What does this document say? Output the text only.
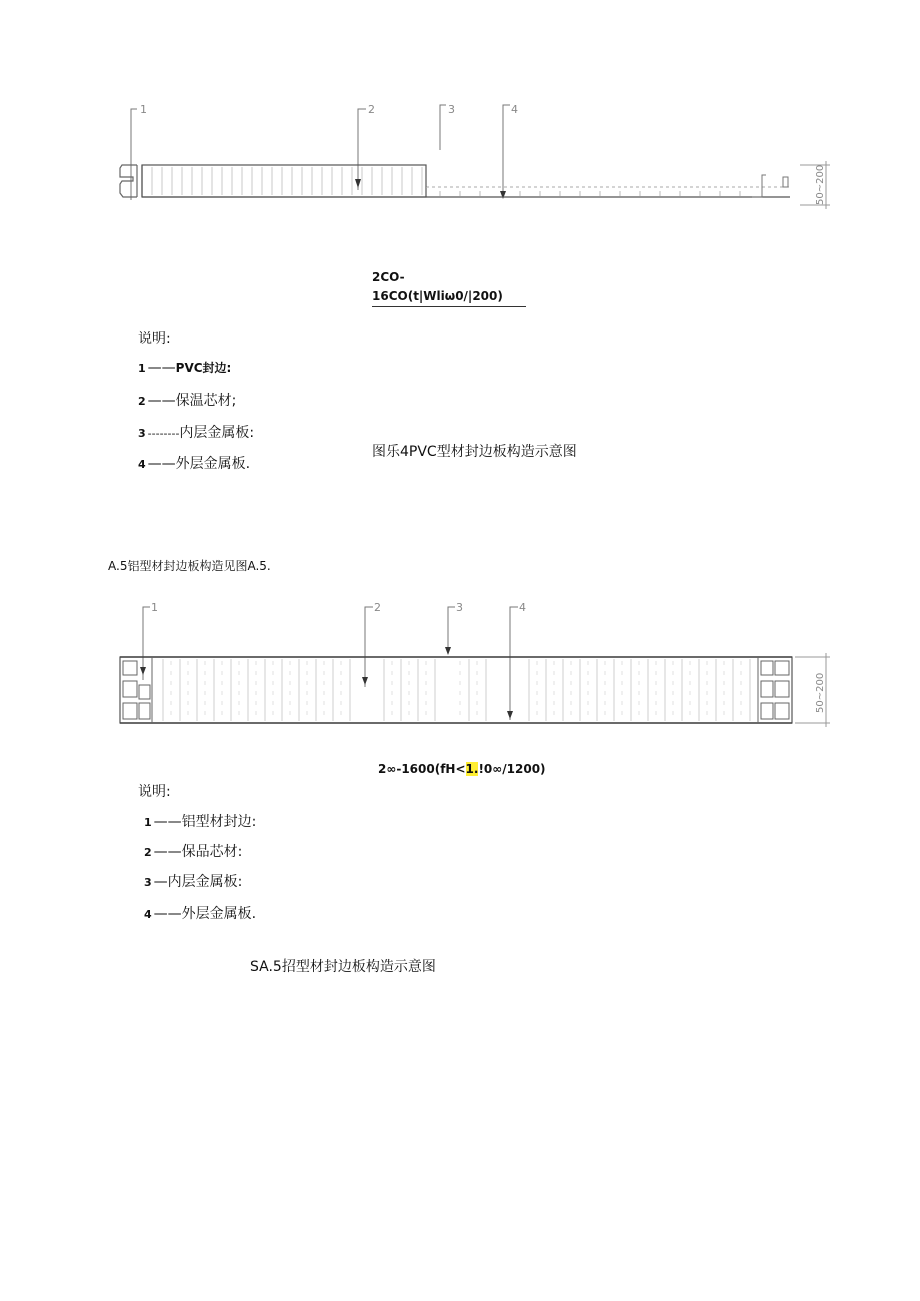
1	2	3	4
50~200
2CO-
16CO(t|Wliω0/|200)
说明:
1 ——PVC封边:
2 ——保温芯材;
3 --------内层金属板:
4 ——外层金属板.
图乐4PVC型材封边板构造示意图
A.5铝型材封边板构造见图A.5.
1	2	3	4
50~200
2∞-1600(fH<1.!0∞/1200)
说明:
1 ——铝型材封边:
2 ——保品芯材:
3 —内层金属板:
4 ——外层金属板.
SA.5招型材封边板构造示意图
